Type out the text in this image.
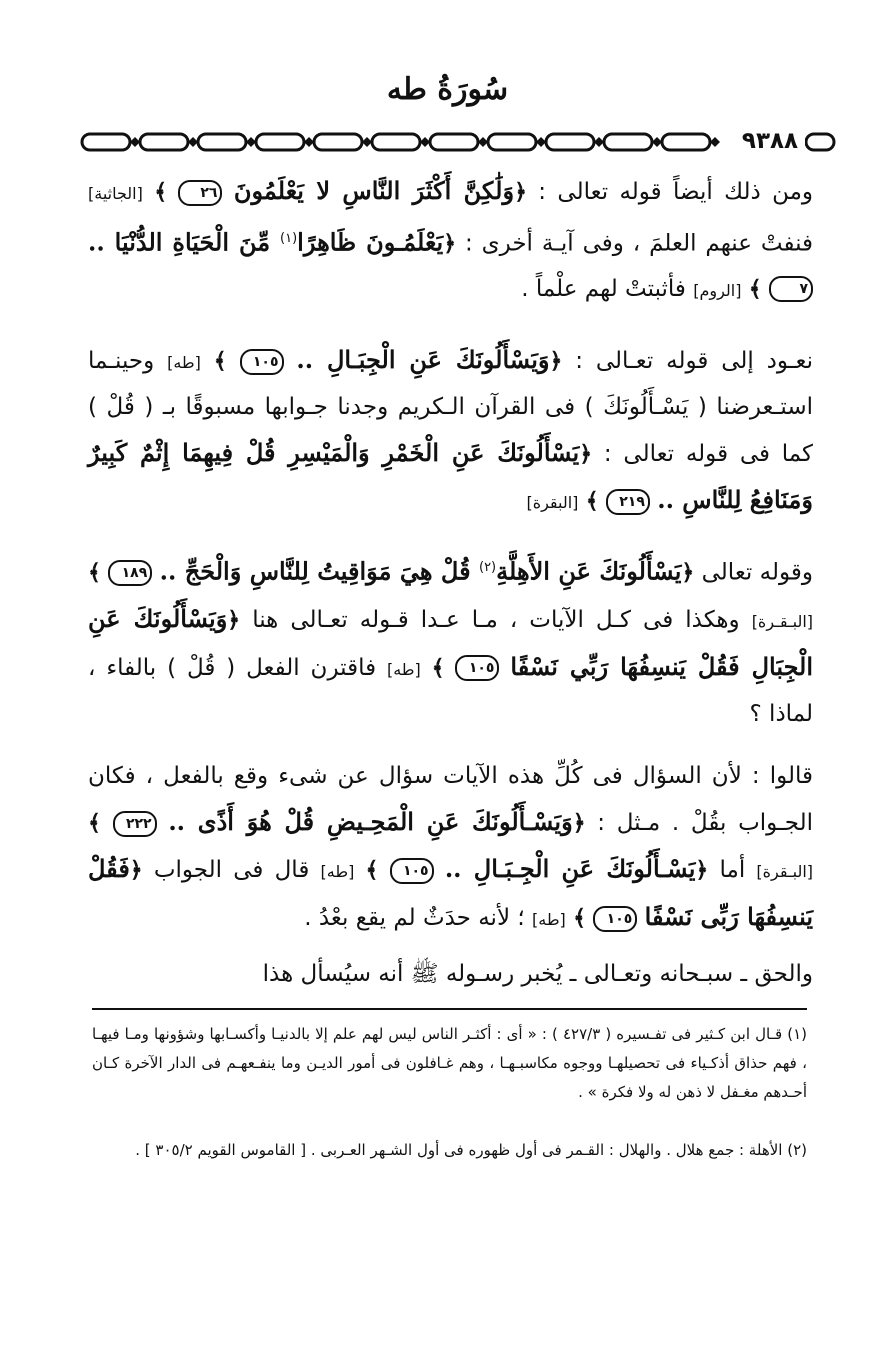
سُورَةُ طه
٩٣٨٨

ومن ذلك أيضاً قوله تعالى : ﴿وَلَٰكِنَّ أَكْثَرَ النَّاسِ لا يَعْلَمُونَ ٢٦ ﴾ [الجاثية] فنفتْ عنهم العلمَ ، وفى آيـة أخرى : ﴿يَعْلَمُـونَ ظَاهِرًا$^{(١)}$ مِّنَ الْحَيَاةِ الدُّنْيَا .. ٧ ﴾ [الروم] فأثبتتْ لهم علْماً .

نعـود إلى قوله تعـالى : ﴿وَيَسْأَلُونَكَ عَنِ الْجِبَـالِ .. ١٠٥ ﴾ [طه] وحينـما استـعرضنا ( يَسْـأَلُونَكَ ) فى القرآن الـكريم وجدنا جـوابها مسبوقًا بـ ( قُلْ ) كما فى قوله تعالى : ﴿يَسْأَلُونَكَ عَنِ الْخَمْرِ وَالْمَيْسِرِ قُلْ فِيهِمَا إِثْمٌ كَبِيرٌ وَمَنَافِعُ لِلنَّاسِ .. ٢١٩ ﴾ [البقرة]

وقوله تعالى ﴿يَسْأَلُونَكَ عَنِ الأَهِلَّةِ$^{(٢)}$ قُلْ هِيَ مَوَاقِيتُ لِلنَّاسِ وَالْحَجِّ .. ١٨٩ ﴾ [البـقـرة] وهكذا فى كـل الآيات ، مـا عـدا قـوله تعـالى هنا ﴿وَيَسْأَلُونَكَ عَنِ الْجِبَالِ فَقُلْ يَنسِفُهَا رَبِّي نَسْفًا ١٠٥ ﴾ [طه] فاقترن الفعل ( قُلْ ) بالفاء ، لماذا ؟

قالوا : لأن السؤال فى كُلِّ هذه الآيات سؤال عن شىء وقع بالفعل ، فكان الجـواب بقُلْ . مـثل : ﴿وَيَسْـأَلُونَكَ عَنِ الْمَحِـيضِ قُلْ هُوَ أَذًى .. ٢٢٢ ﴾ [البـقرة] أما ﴿يَسْـأَلُونَكَ عَنِ الْجِـبَـالِ .. ١٠٥ ﴾ [طه] قال فى الجواب ﴿فَقُلْ يَنسِفُهَا رَبِّى نَسْفًا ١٠٥ ﴾ [طه] ؛ لأنه حدَثٌ لم يقع بعْدُ .

والحق ـ سبـحانه وتعـالى ـ يُخبر رسـوله ﷺ أنه سيُسأل هذا

(١) قـال ابن كـثير فى تفـسيره ( ٤٢٧/٣ ) : « أى : أكثـر الناس ليس لهم علم إلا بالدنيـا وأكسـابها وشؤونها ومـا فيهـا ، فهم حذاق أذكـياء فى تحصيلهـا ووجوه مكاسبـهـا ، وهم غـافلون فى أمور الديـن وما ينفـعهـم فى الدار الآخرة كـان أحـدهم مغـفل لا ذهن له ولا فكرة » .
(٢) الأهلة : جمع هلال . والهلال : القـمر فى أول ظهوره فى أول الشـهر العـربى . [ القاموس القويم ٣٠٥/٢ ] .
